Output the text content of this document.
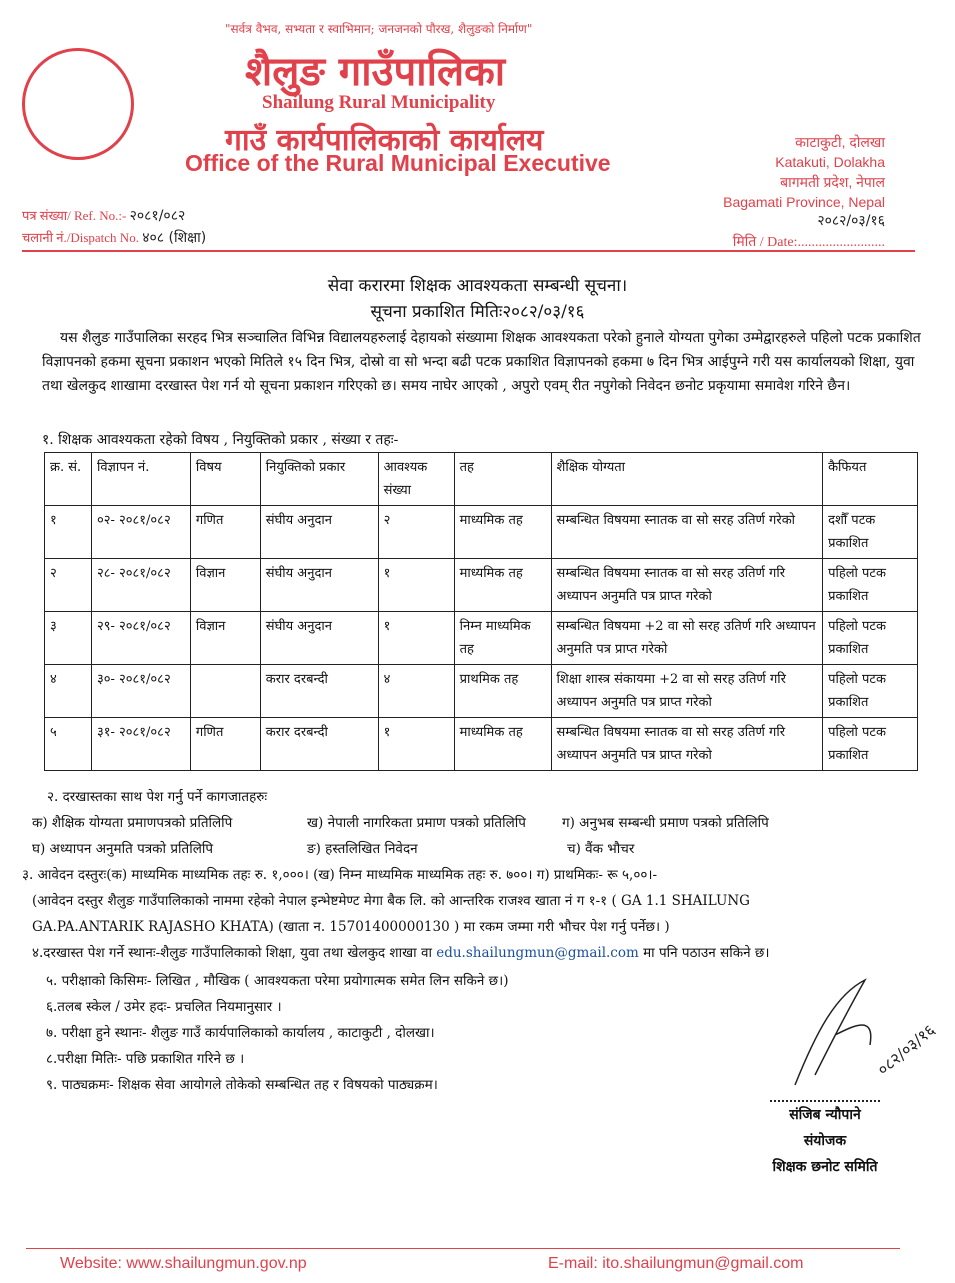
"सर्वत्र वैभव, सभ्यता र स्वाभिमान; जनजनको पौरख, शैलुङको निर्माण"
शैलुङ गाउँपालिका
Shailung Rural Municipality
गाउँ कार्यपालिकाको कार्यालय
Office of the Rural Municipal Executive
काटाकुटी, दोलखा
Katakuti, Dolakha
बागमती प्रदेश, नेपाल
Bagamati Province, Nepal
पत्र संख्या/ Ref. No.:- २०८१/०८२
चलानी नं./Dispatch No. ४०८ (शिक्षा)
२०८२/०३/१६
मिति / Date:.........................
सेवा करारमा शिक्षक आवश्यकता सम्बन्धी सूचना।
सूचना प्रकाशित मितिः२०८२/०३/१६
यस शैलुङ गाउँपालिका सरहद भित्र सञ्चालित विभिन्न विद्यालयहरुलाई देहायको संख्यामा शिक्षक आवश्यकता परेको हुनाले योग्यता पुगेका उम्मेद्वारहरुले पहिलो पटक प्रकाशित विज्ञापनको हकमा सूचना प्रकाशन भएको मितिले १५ दिन भित्र, दोस्रो वा सो भन्दा बढी पटक प्रकाशित विज्ञापनको हकमा ७ दिन भित्र आईपुग्ने गरी यस कार्यालयको शिक्षा, युवा तथा खेलकुद शाखामा दरखास्त पेश गर्न यो सूचना प्रकाशन गरिएको छ। समय नाघेर आएको , अपुरो एवम् रीत नपुगेको निवेदन छनोट प्रकृयामा समावेश गरिने छैन।
१. शिक्षक आवश्यकता रहेको विषय , नियुक्तिको प्रकार , संख्या र तहः-
क्र. सं.	विज्ञापन नं.	विषय	नियुक्तिको प्रकार	आवश्यक संख्या	तह	शैक्षिक योग्यता	कैफियत
१	०२- २०८१/०८२	गणित	संघीय अनुदान	२	माध्यमिक तह	सम्बन्धित विषयमा स्नातक वा सो सरह उतिर्ण गरेको	दशौँ पटक प्रकाशित
२	२८- २०८१/०८२	विज्ञान	संघीय अनुदान	१	माध्यमिक तह	सम्बन्धित विषयमा स्नातक वा सो सरह उतिर्ण गरि अध्यापन अनुमति पत्र प्राप्त गरेको	पहिलो पटक प्रकाशित
३	२९- २०८१/०८२	विज्ञान	संघीय अनुदान	१	निम्न माध्यमिक तह	सम्बन्धित विषयमा +2 वा सो सरह उतिर्ण गरि अध्यापन अनुमति पत्र प्राप्त गरेको	पहिलो पटक प्रकाशित
४	३०- २०८१/०८२		करार दरबन्दी	४	प्राथमिक तह	शिक्षा शास्त्र संकायमा +2 वा सो सरह उतिर्ण गरि अध्यापन अनुमति पत्र प्राप्त गरेको	पहिलो पटक प्रकाशित
५	३१- २०८१/०८२	गणित	करार दरबन्दी	१	माध्यमिक तह	सम्बन्धित विषयमा स्नातक वा सो सरह उतिर्ण गरि अध्यापन अनुमति पत्र प्राप्त गरेको	पहिलो पटक प्रकाशित
२. दरखास्तका साथ पेश गर्नु पर्ने कागजातहरुः
क) शैक्षिक योग्यता प्रमाणपत्रको प्रतिलिपि	ख) नेपाली नागरिकता प्रमाण पत्रको प्रतिलिपि	ग) अनुभब सम्बन्धी प्रमाण पत्रको प्रतिलिपि
घ) अध्यापन अनुमति पत्रको प्रतिलिपि	ङ) हस्तलिखित निवेदन	च) वैंक भौचर
३. आवेदन दस्तुरः(क) माध्यमिक माध्यमिक तहः रु. १,०००। (ख) निम्न माध्यमिक माध्यमिक तहः रु. ७००। ग) प्राथमिकः- रू ५,००।-
(आवेदन दस्तुर शैलुङ गाउँपालिकाको नाममा रहेको नेपाल इन्भेष्टमेण्ट मेगा बैक लि. को आन्तरिक राजश्व खाता नं ग १-१ ( GA 1.1 SHAILUNG
GA.PA.ANTARIK RAJASHO KHATA) (खाता न. 15701400000130 ) मा रकम जम्मा गरी भौचर पेश गर्नु पर्नेछ। )
४.दरखास्त पेश गर्ने स्थानः-शैलुङ गाउँपालिकाको शिक्षा, युवा तथा खेलकुद शाखा वा edu.shailungmun@gmail.com मा पनि पठाउन सकिने छ।
५. परीक्षाको किसिमः- लिखित , मौखिक ( आवश्यकता परेमा प्रयोगात्मक समेत लिन सकिने छ।)
६.तलब स्केल / उमेर हदः- प्रचलित नियमानुसार ।
७. परीक्षा हुने स्थानः- शैलुङ गाउँ कार्यपालिकाको कार्यालय , काटाकुटी , दोलखा।
८.परीक्षा मितिः- पछि प्रकाशित गरिने छ ।
९. पाठ्यक्रमः- शिक्षक सेवा आयोगले तोकेको सम्बन्धित तह र विषयको पाठ्यक्रम।
०८२/०३/१६
संजिब न्यौपाने
संयोजक
शिक्षक छनोट समिति
Website: www.shailungmun.gov.np	E-mail: ito.shailungmun@gmail.com
